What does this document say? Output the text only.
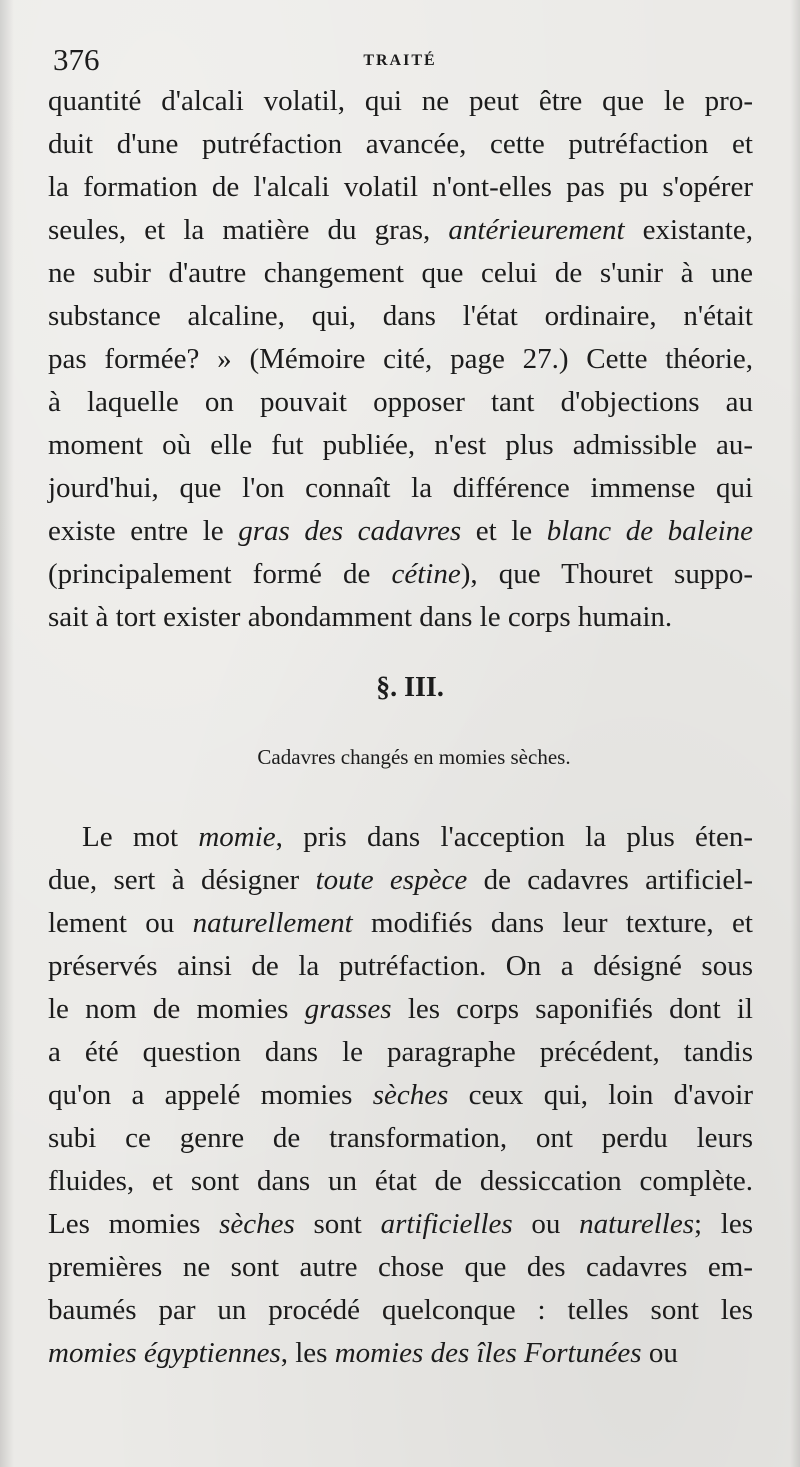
376	TRAITÉ
quantité d'alcali volatil, qui ne peut être que le pro-
duit d'une putréfaction avancée, cette putréfaction et
la formation de l'alcali volatil n'ont-elles pas pu s'opérer
seules, et la matière du gras, antérieurement existante,
ne subir d'autre changement que celui de s'unir à une
substance alcaline, qui, dans l'état ordinaire, n'était
pas formée? » (Mémoire cité, page 27.) Cette théorie,
à laquelle on pouvait opposer tant d'objections au
moment où elle fut publiée, n'est plus admissible au-
jourd'hui, que l'on connaît la différence immense qui
existe entre le gras des cadavres et le blanc de baleine
(principalement formé de cétine), que Thouret suppo-
sait à tort exister abondamment dans le corps humain.
§. III.
Cadavres changés en momies sèches.
Le mot momie, pris dans l'acception la plus éten-
due, sert à désigner toute espèce de cadavres artificiel-
lement ou naturellement modifiés dans leur texture, et
préservés ainsi de la putréfaction. On a désigné sous
le nom de momies grasses les corps saponifiés dont il
a été question dans le paragraphe précédent, tandis
qu'on a appelé momies sèches ceux qui, loin d'avoir
subi ce genre de transformation, ont perdu leurs
fluides, et sont dans un état de dessiccation complète.
Les momies sèches sont artificielles ou naturelles; les
premières ne sont autre chose que des cadavres em-
baumés par un procédé quelconque : telles sont les
momies égyptiennes, les momies des îles Fortunées ou
